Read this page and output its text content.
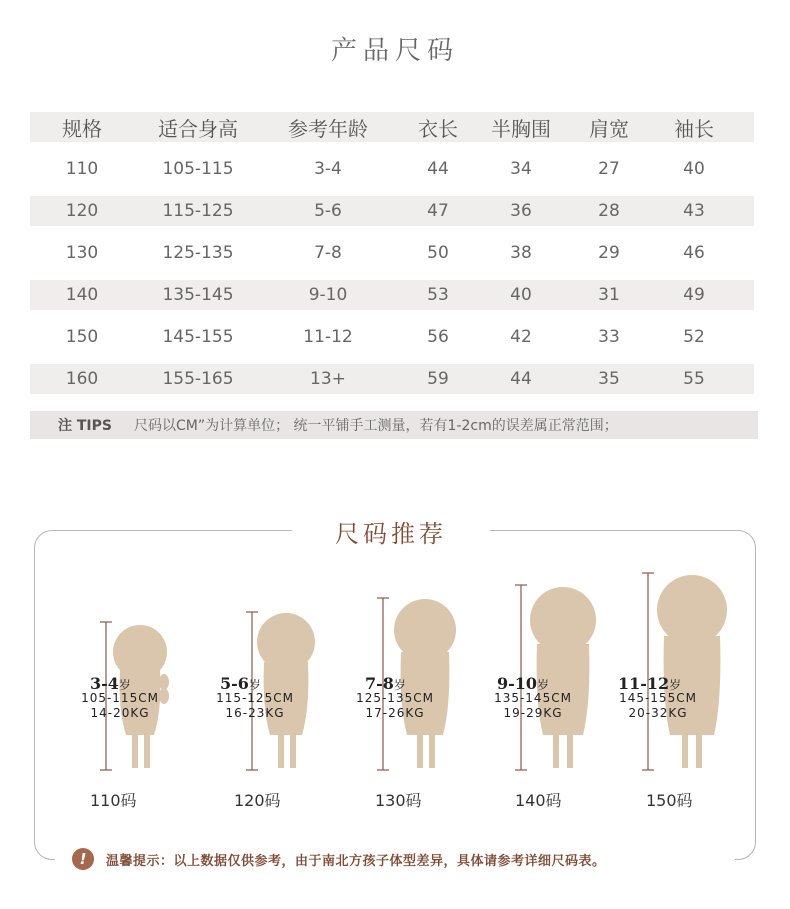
产品尺码
规格	适合身高	参考年龄	衣长	半胸围	肩宽	袖长
110	105-115	3-4	44	34	27	40
120	115-125	5-6	47	36	28	43
130	125-135	7-8	50	38	29	46
140	135-145	9-10	53	40	31	49
150	145-155	11-12	56	42	33	52
160	155-165	13+	59	44	35	55
注 TIPS 尺码以CM”为计算单位； 统一平铺手工测量，若有1-2cm的误差属正常范围；
尺码推荐
3-4岁
105-115CM
14-20KG
110码
5-6岁
115-125CM
16-23KG
120码
7-8岁
125-135CM
17-26KG
130码
9-10岁
135-145CM
19-29KG
140码
11-12岁
145-155CM
20-32KG
150码
!	温馨提示：以上数据仅供参考，由于南北方孩子体型差异，具体请参考详细尺码表。
